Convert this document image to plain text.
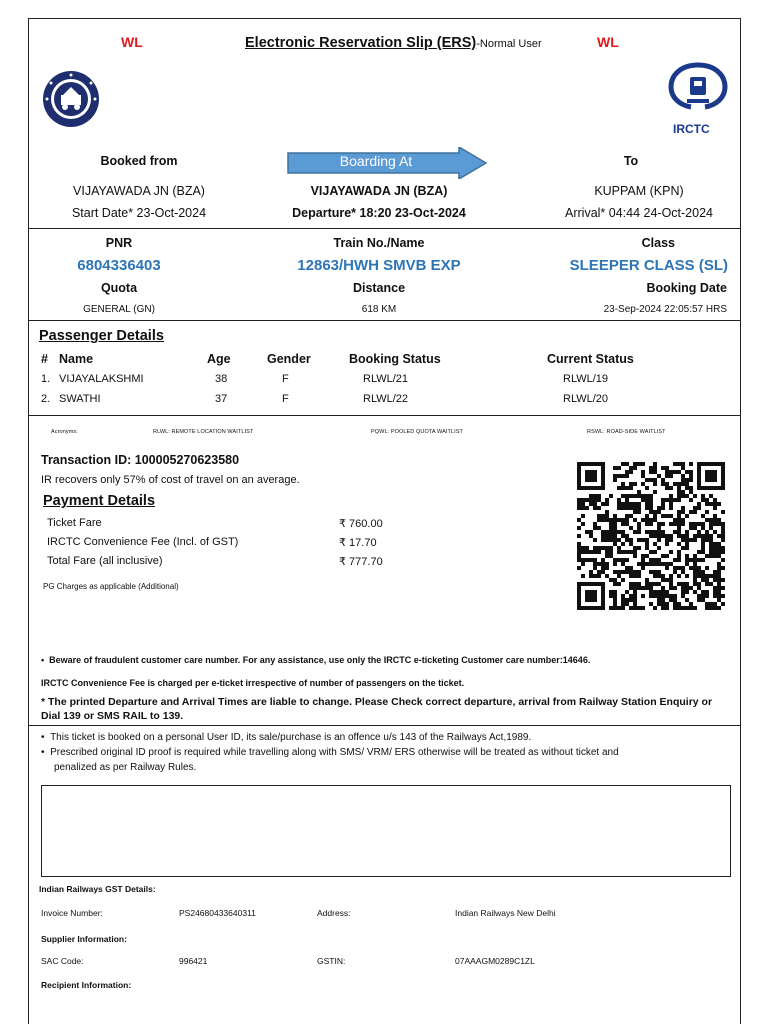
WL	Electronic Reservation Slip (ERS)-Normal User	WL
IRCTC
Booked from	Boarding At	To
VIJAYAWADA JN (BZA)	VIJAYAWADA JN (BZA)	KUPPAM (KPN)
Start Date* 23-Oct-2024	Departure* 18:20 23-Oct-2024	Arrival* 04:44 24-Oct-2024
PNR	Train No./Name	Class
6804336403	12863/HWH SMVB EXP	SLEEPER CLASS (SL)
Quota	Distance	Booking Date
GENERAL (GN)	618 KM	23-Sep-2024 22:05:57 HRS
Passenger Details
# Name	Age	Gender	Booking Status	Current Status
1. VIJAYALAKSHMI	38	F	RLWL/21	RLWL/19
2. SWATHI	37	F	RLWL/22	RLWL/20
Acronyms:	RLWL: REMOTE LOCATION WAITLIST	PQWL: POOLED QUOTA WAITLIST	RSWL: ROAD-SIDE WAITLIST
Transaction ID: 100005270623580
IR recovers only 57% of cost of travel on an average.
Payment Details
Ticket Fare	₹ 760.00
IRCTC Convenience Fee (Incl. of GST)	₹ 17.70
Total Fare (all inclusive)	₹ 777.70
PG Charges as applicable (Additional)
•  Beware of fraudulent customer care number. For any assistance, use only the IRCTC e-ticketing Customer care number:14646.
IRCTC Convenience Fee is charged per e-ticket irrespective of number of passengers on the ticket.
* The printed Departure and Arrival Times are liable to change. Please Check correct departure, arrival from Railway Station Enquiry or
Dial 139 or SMS RAIL to 139.
•  This ticket is booked on a personal User ID, its sale/purchase is an offence u/s 143 of the Railways Act,1989.
•  Prescribed original ID proof is required while travelling along with SMS/ VRM/ ERS otherwise will be treated as without ticket and
penalized as per Railway Rules.
Indian Railways GST Details:
Invoice Number:	PS24680433640311	Address:	Indian Railways New Delhi
Supplier Information:
SAC Code:	996421	GSTIN:	07AAAGM0289C1ZL
Recipient Information:
